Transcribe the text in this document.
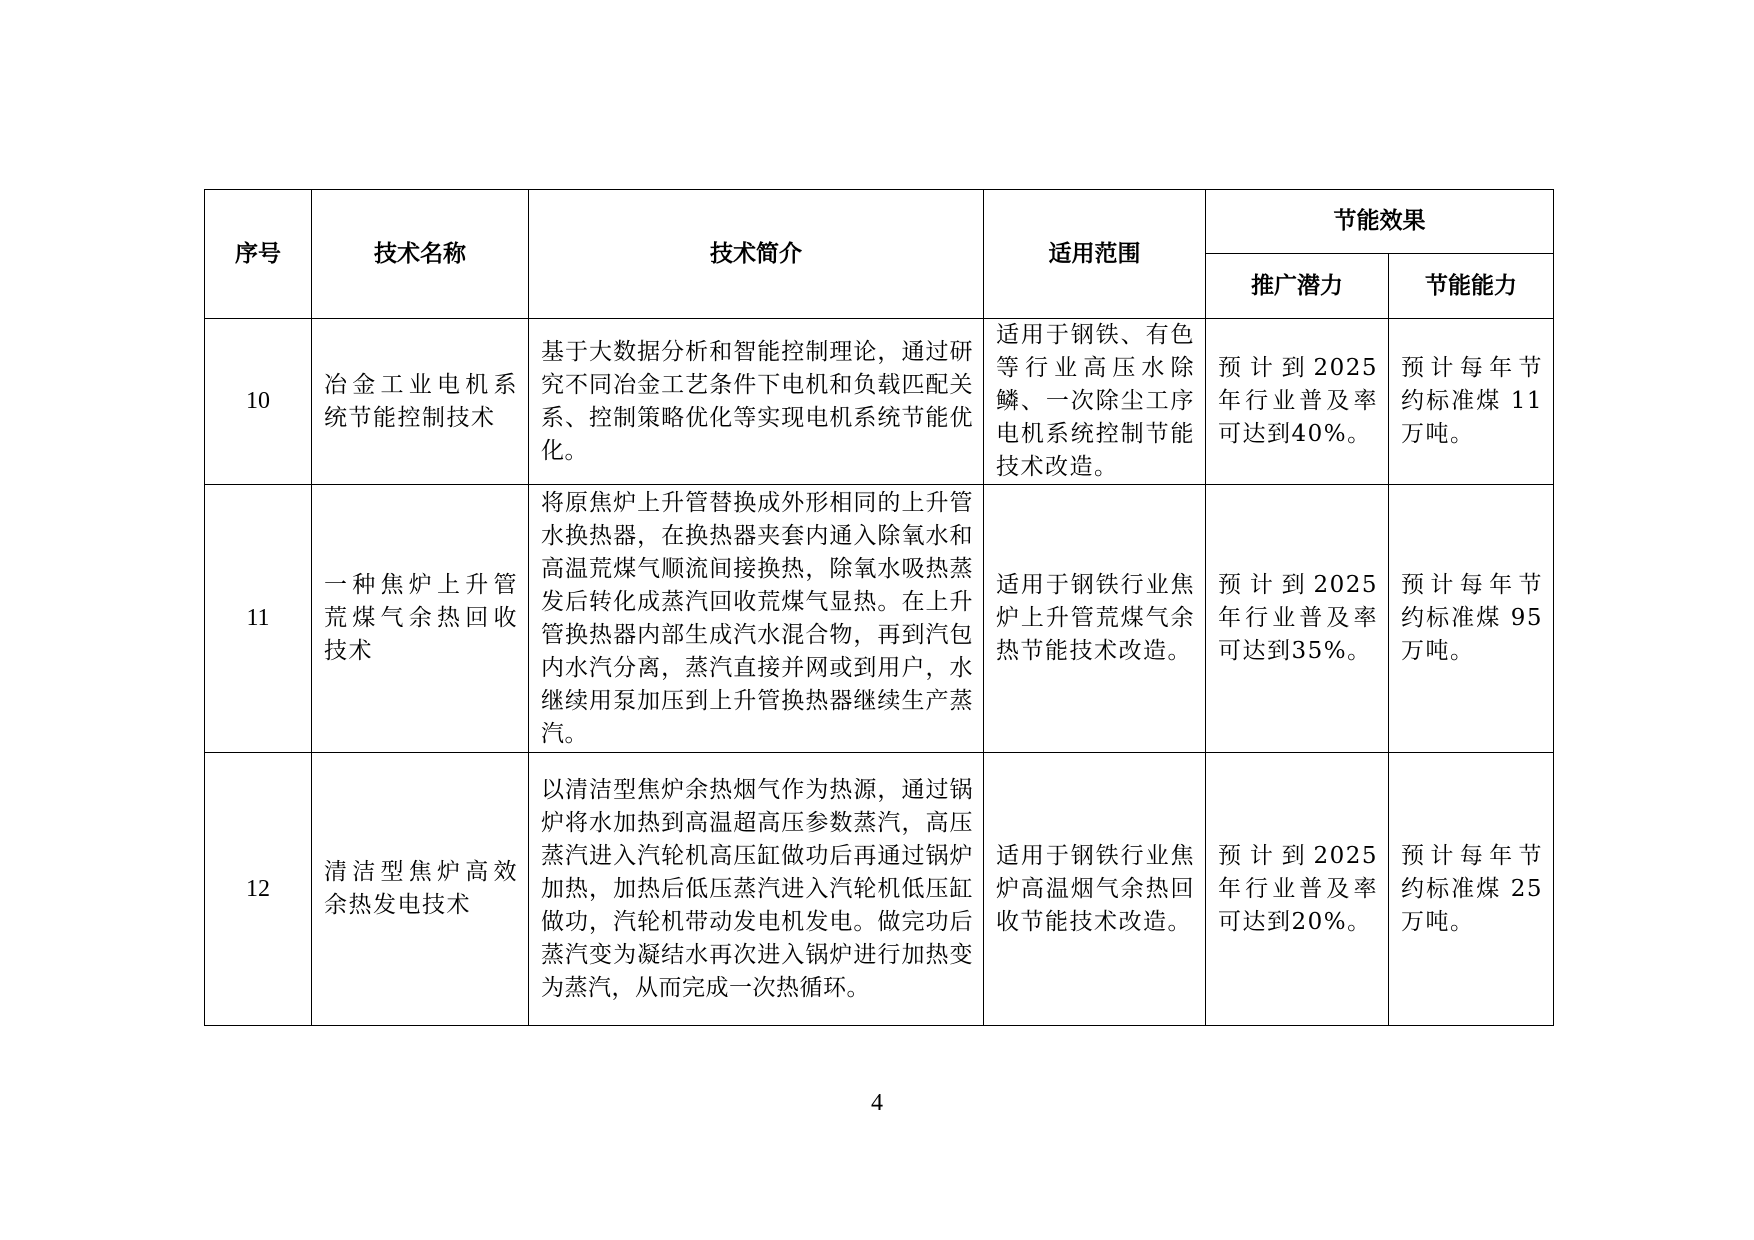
序号	技术名称	技术简介	适用范围	节能效果	
				推广潜力	节能能力
10	冶金工业电机系统节能控制技术	基于大数据分析和智能控制理论，通过研究不同冶金工艺条件下电机和负载匹配关系、控制策略优化等实现电机系统节能优化。	适用于钢铁、有色等行业高压水除鳞、一次除尘工序电机系统控制节能技术改造。	预计到2025年行业普及率可达到40%。	预计每年节约标准煤 11万吨。

11	一种焦炉上升管荒煤气余热回收技术	将原焦炉上升管替换成外形相同的上升管水换热器，在换热器夹套内通入除氧水和高温荒煤气顺流间接换热，除氧水吸热蒸发后转化成蒸汽回收荒煤气显热。在上升管换热器内部生成汽水混合物，再到汽包内水汽分离，蒸汽直接并网或到用户，水继续用泵加压到上升管换热器继续生产蒸汽。	适用于钢铁行业焦炉上升管荒煤气余热节能技术改造。	预计到2025年行业普及率可达到35%。	预计每年节约标准煤 95万吨。

12	清洁型焦炉高效余热发电技术	以清洁型焦炉余热烟气作为热源，通过锅炉将水加热到高温超高压参数蒸汽，高压蒸汽进入汽轮机高压缸做功后再通过锅炉加热，加热后低压蒸汽进入汽轮机低压缸做功，汽轮机带动发电机发电。做完功后蒸汽变为凝结水再次进入锅炉进行加热变为蒸汽，从而完成一次热循环。	适用于钢铁行业焦炉高温烟气余热回收节能技术改造。	预计到2025年行业普及率可达到20%。	预计每年节约标准煤 25万吨。
4
